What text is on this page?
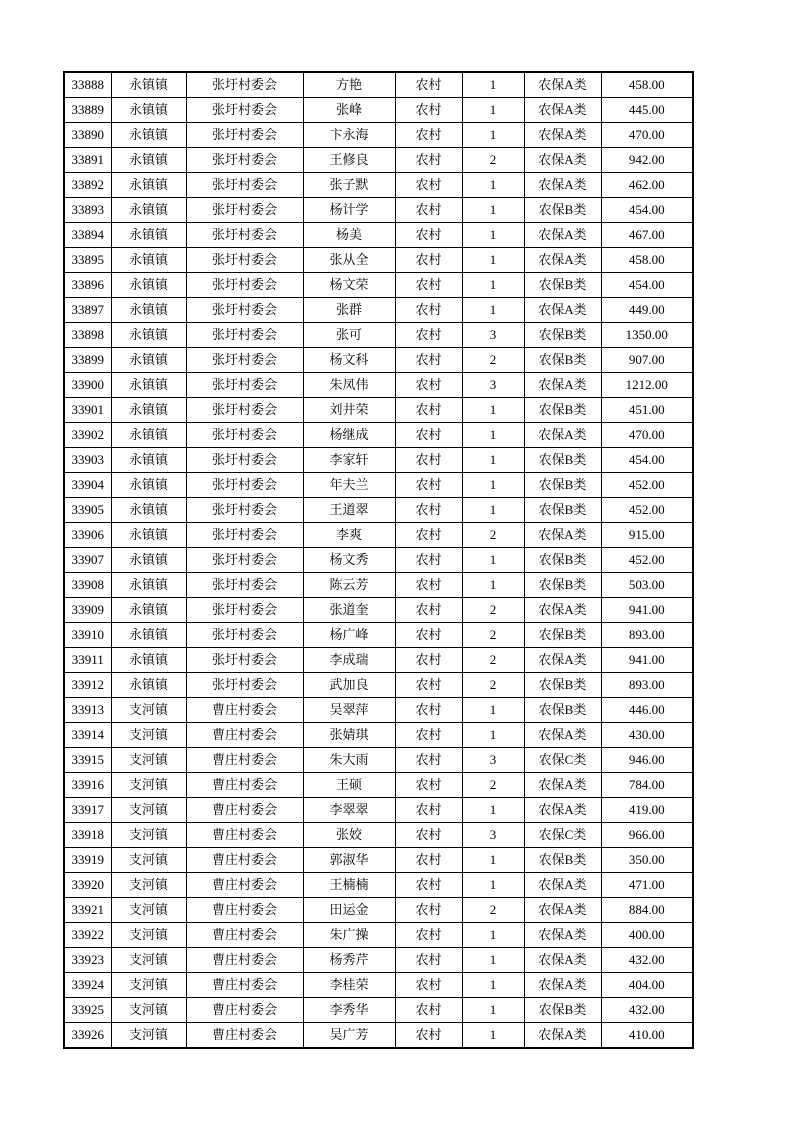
33888	永镇镇	张圩村委会	方艳	农村	1	农保A类	458.00
33889	永镇镇	张圩村委会	张峰	农村	1	农保A类	445.00
33890	永镇镇	张圩村委会	卞永海	农村	1	农保A类	470.00
33891	永镇镇	张圩村委会	王修良	农村	2	农保A类	942.00
33892	永镇镇	张圩村委会	张子默	农村	1	农保A类	462.00
33893	永镇镇	张圩村委会	杨计学	农村	1	农保B类	454.00
33894	永镇镇	张圩村委会	杨美	农村	1	农保A类	467.00
33895	永镇镇	张圩村委会	张从全	农村	1	农保A类	458.00
33896	永镇镇	张圩村委会	杨文荣	农村	1	农保B类	454.00
33897	永镇镇	张圩村委会	张群	农村	1	农保A类	449.00
33898	永镇镇	张圩村委会	张可	农村	3	农保B类	1350.00
33899	永镇镇	张圩村委会	杨文科	农村	2	农保B类	907.00
33900	永镇镇	张圩村委会	朱凤伟	农村	3	农保A类	1212.00
33901	永镇镇	张圩村委会	刘井荣	农村	1	农保B类	451.00
33902	永镇镇	张圩村委会	杨继成	农村	1	农保A类	470.00
33903	永镇镇	张圩村委会	李家轩	农村	1	农保B类	454.00
33904	永镇镇	张圩村委会	年夫兰	农村	1	农保B类	452.00
33905	永镇镇	张圩村委会	王道翠	农村	1	农保B类	452.00
33906	永镇镇	张圩村委会	李爽	农村	2	农保A类	915.00
33907	永镇镇	张圩村委会	杨文秀	农村	1	农保B类	452.00
33908	永镇镇	张圩村委会	陈云芳	农村	1	农保B类	503.00
33909	永镇镇	张圩村委会	张道奎	农村	2	农保A类	941.00
33910	永镇镇	张圩村委会	杨广峰	农村	2	农保B类	893.00
33911	永镇镇	张圩村委会	李成瑞	农村	2	农保A类	941.00
33912	永镇镇	张圩村委会	武加良	农村	2	农保B类	893.00
33913	支河镇	曹庄村委会	吴翠萍	农村	1	农保B类	446.00
33914	支河镇	曹庄村委会	张婧琪	农村	1	农保A类	430.00
33915	支河镇	曹庄村委会	朱大雨	农村	3	农保C类	946.00
33916	支河镇	曹庄村委会	王硕	农村	2	农保A类	784.00
33917	支河镇	曹庄村委会	李翠翠	农村	1	农保A类	419.00
33918	支河镇	曹庄村委会	张姣	农村	3	农保C类	966.00
33919	支河镇	曹庄村委会	郭淑华	农村	1	农保B类	350.00
33920	支河镇	曹庄村委会	王楠楠	农村	1	农保A类	471.00
33921	支河镇	曹庄村委会	田运金	农村	2	农保A类	884.00
33922	支河镇	曹庄村委会	朱广操	农村	1	农保A类	400.00
33923	支河镇	曹庄村委会	杨秀芹	农村	1	农保A类	432.00
33924	支河镇	曹庄村委会	李桂荣	农村	1	农保A类	404.00
33925	支河镇	曹庄村委会	李秀华	农村	1	农保B类	432.00
33926	支河镇	曹庄村委会	吴广芳	农村	1	农保A类	410.00
